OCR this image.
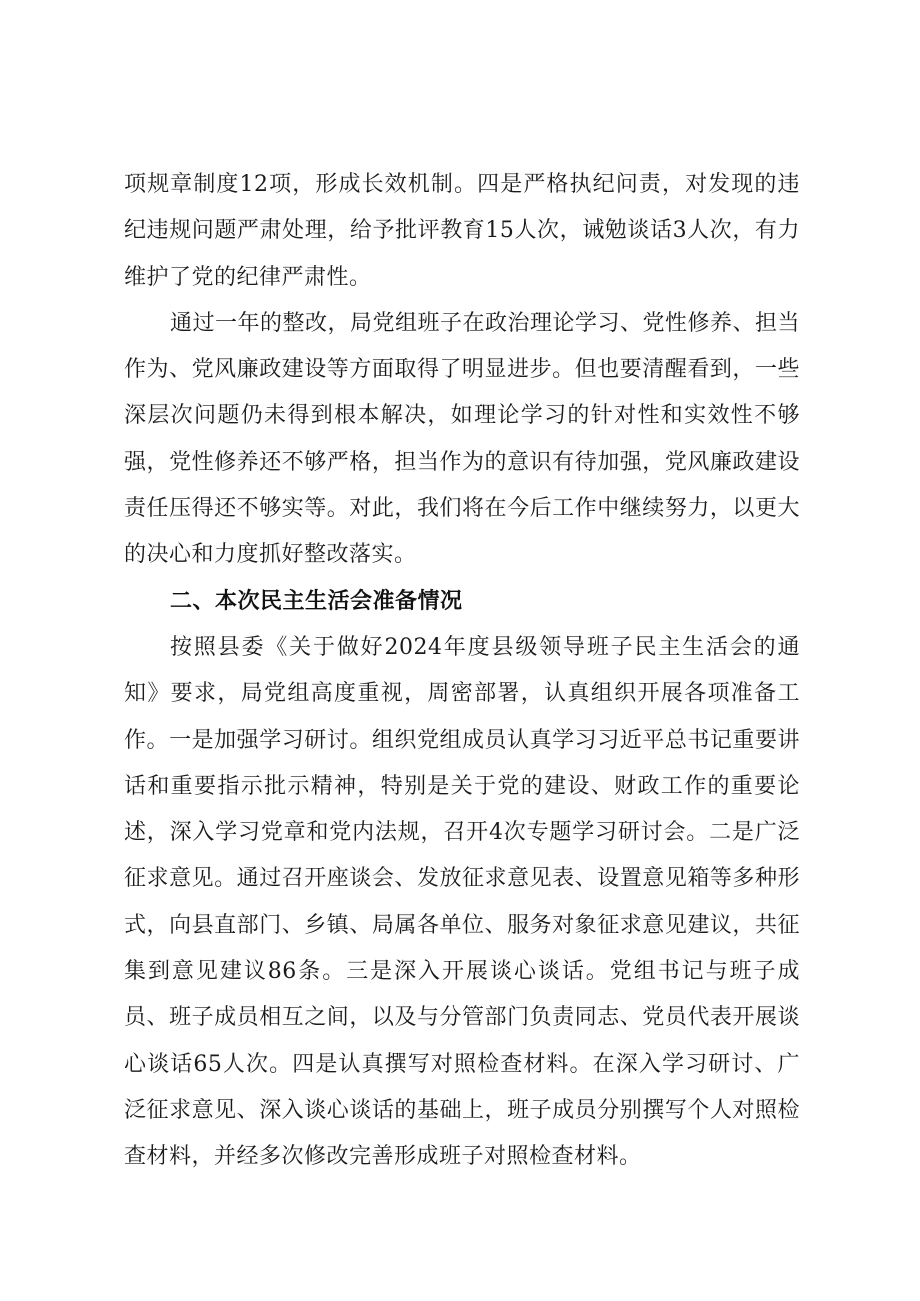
项规章制度12项，形成长效机制。四是严格执纪问责，对发现的违纪违规问题严肃处理，给予批评教育15人次，诫勉谈话3人次，有力维护了党的纪律严肃性。

通过一年的整改，局党组班子在政治理论学习、党性修养、担当作为、党风廉政建设等方面取得了明显进步。但也要清醒看到，一些深层次问题仍未得到根本解决，如理论学习的针对性和实效性不够强，党性修养还不够严格，担当作为的意识有待加强，党风廉政建设责任压得还不够实等。对此，我们将在今后工作中继续努力，以更大的决心和力度抓好整改落实。

二、本次民主生活会准备情况

按照县委《关于做好2024年度县级领导班子民主生活会的通知》要求，局党组高度重视，周密部署，认真组织开展各项准备工作。一是加强学习研讨。组织党组成员认真学习习近平总书记重要讲话和重要指示批示精神，特别是关于党的建设、财政工作的重要论述，深入学习党章和党内法规，召开4次专题学习研讨会。二是广泛征求意见。通过召开座谈会、发放征求意见表、设置意见箱等多种形式，向县直部门、乡镇、局属各单位、服务对象征求意见建议，共征集到意见建议86条。三是深入开展谈心谈话。党组书记与班子成员、班子成员相互之间，以及与分管部门负责同志、党员代表开展谈心谈话65人次。四是认真撰写对照检查材料。在深入学习研讨、广泛征求意见、深入谈心谈话的基础上，班子成员分别撰写个人对照检查材料，并经多次修改完善形成班子对照检查材料。
